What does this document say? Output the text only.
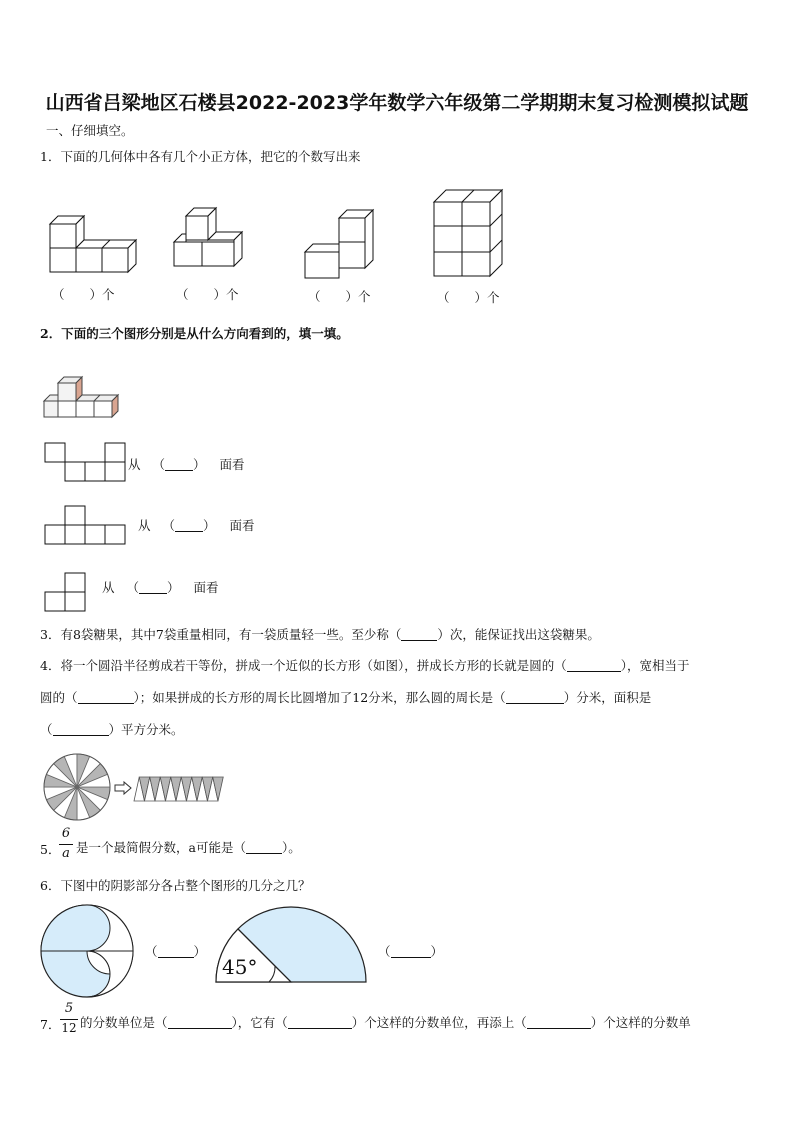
山西省吕梁地区石楼县2022-2023学年数学六年级第二学期期末复习检测模拟试题
一、仔细填空。
1．下面的几何体中各有几个小正方体，把它的个数写出来
（　　）个	（　　）个	（　　）个	（　　）个
2．下面的三个图形分别是从什么方向看到的，填一填。
从 （ ） 面看
从 （ ） 面看
从 （ ） 面看
3．有8袋糖果，其中7袋重量相同，有一袋质量轻一些。至少称（	）次，能保证找出这袋糖果。
4．将一个圆沿半径剪成若干等份，拼成一个近似的长方形（如图），拼成长方形的长就是圆的（	），宽相当于
圆的（	）；如果拼成的长方形的周长比圆增加了12分米，那么圆的周长是（	）分米，面积是
（	）平方分米。
5．
6
a 是一个最简假分数，a可能是（	）。
6．下图中的阴影部分各占整个图形的几分之几？
（	）
45°
（	）
7．
5
12 的分数单位是（	），它有（	）个这样的分数单位，再添上（	）个这样的分数单
